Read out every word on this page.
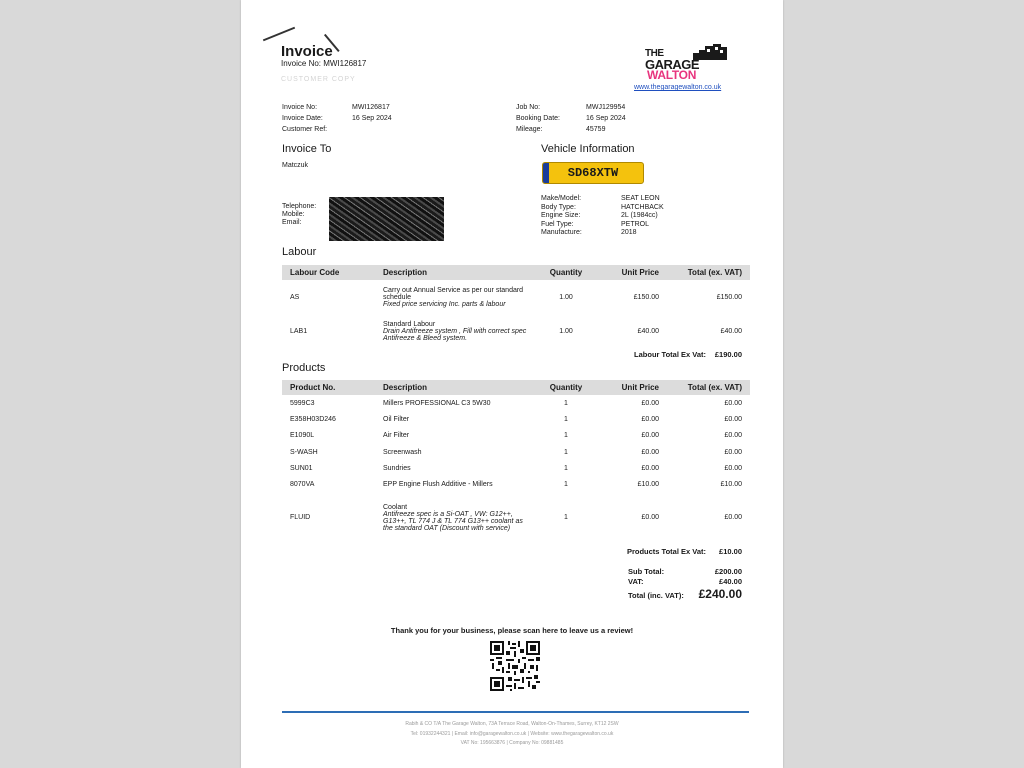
Invoice
Invoice No: MWI126817
CUSTOMER COPY
THE
GARAGE
WALTON
www.thegaragewalton.co.uk
Invoice No:	MWI126817
Invoice Date:	16 Sep 2024
Customer Ref:
Job No:	MWJ129954
Booking Date:	16 Sep 2024
Mileage:	45759
Invoice To
Matczuk
Telephone:
Mobile:
Email:
Vehicle Information
SD68XTW
Make/Model:	SEAT LEON
Body Type:	HATCHBACK
Engine Size:	2L (1984cc)
Fuel Type:	PETROL
Manufacture:	2018
Labour
Labour Code	Description	Quantity	Unit Price	Total (ex. VAT)
AS	Carry out Annual Service as per our standard schedule
Fixed price servicing Inc. parts & labour	1.00	£150.00	£150.00
LAB1	Standard Labour
Drain Antifreeze system , Fill with correct spec Antifreeze & Bleed system.	1.00	£40.00	£40.00
Labour Total Ex Vat: £190.00
Products
Product No.	Description	Quantity	Unit Price	Total (ex. VAT)
5999C3	Millers PROFESSIONAL C3 5W30	1	£0.00	£0.00
E358H03D246	Oil Filter	1	£0.00	£0.00
E1090L	Air Filter	1	£0.00	£0.00
S-WASH	Screenwash	1	£0.00	£0.00
SUN01	Sundries	1	£0.00	£0.00
8070VA	EPP Engine Flush Additive - Millers	1	£10.00	£10.00
FLUID	Coolant
Antifreeze spec is a Si-OAT , VW: G12++, G13++, TL 774 J & TL 774 G13++ coolant as the standard OAT (Discount with service)	1	£0.00	£0.00
Products Total Ex Vat: £10.00
Sub Total:	£200.00
VAT:	£40.00
Total (inc. VAT): £240.00
Thank you for your business, please scan here to leave us a review!
Rabih & CO T/A The Garage Walton, 73A Terrace Road, Walton-On-Thames, Surrey, KT12 2SW
Tel: 01932244321 | Email: info@garagewalton.co.uk | Website: www.thegaragewalton.co.uk
VAT No: 195663876 | Company No: 09881485
